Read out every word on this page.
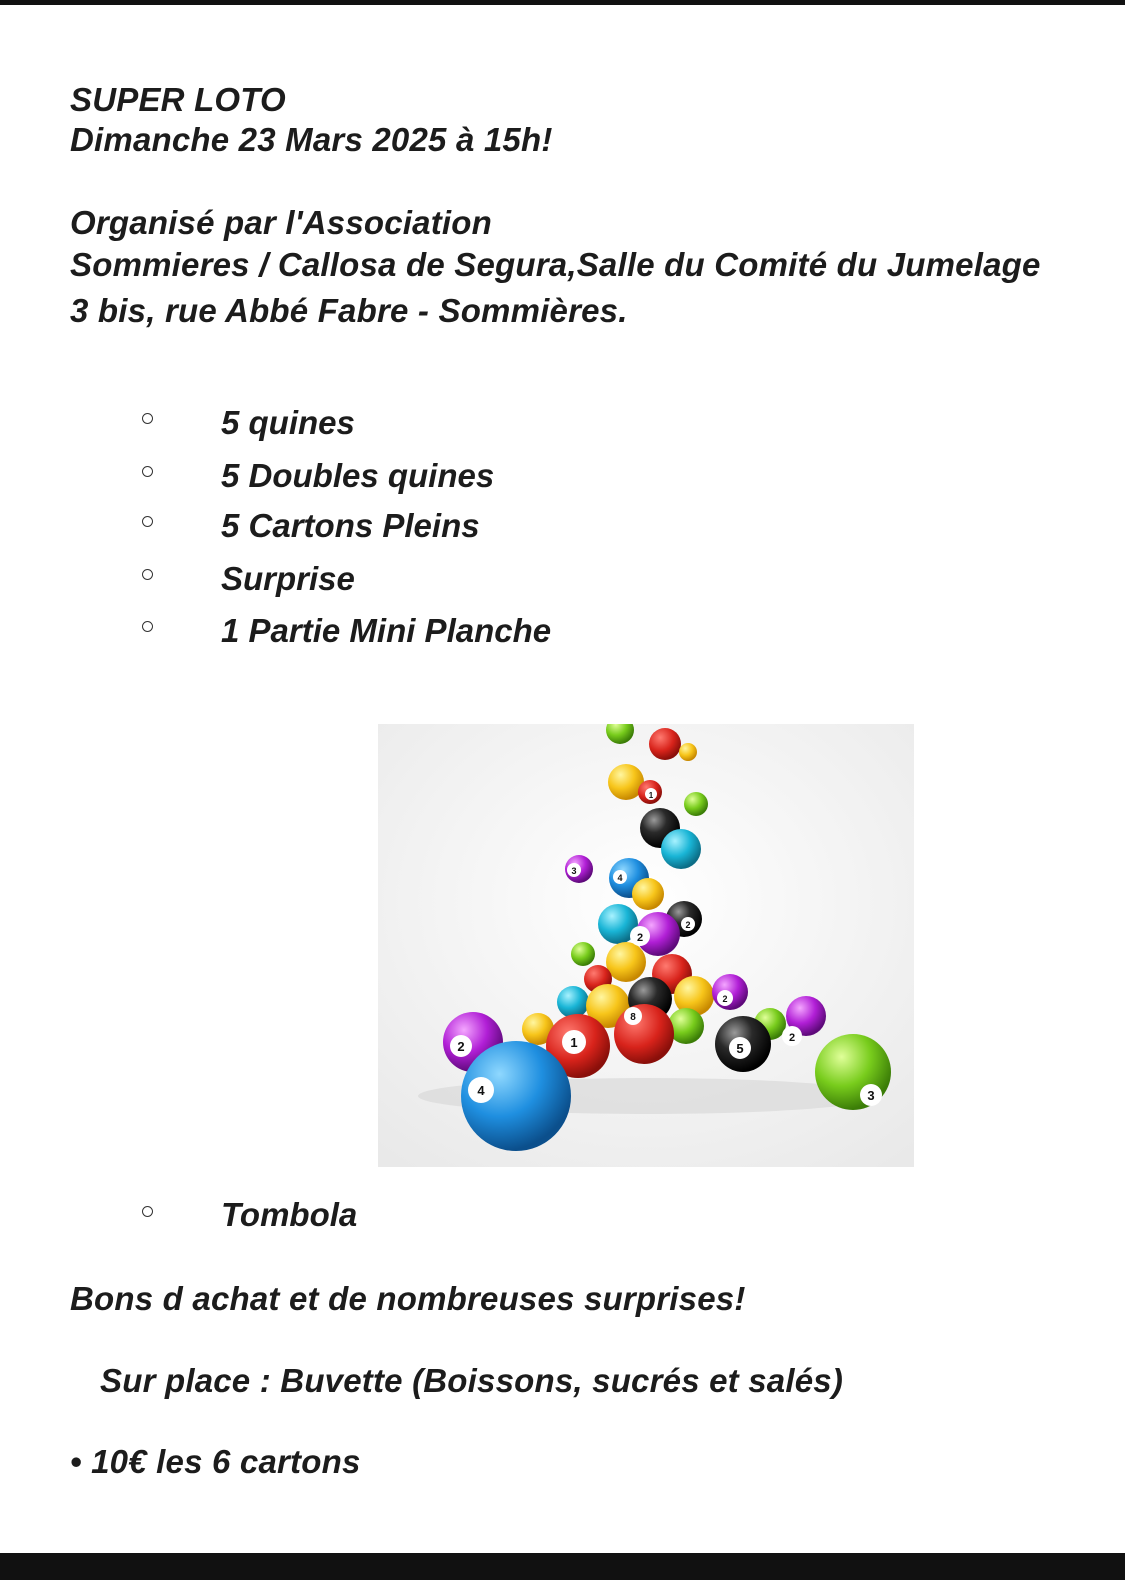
SUPER LOTO
Dimanche 23 Mars 2025 à 15h!
Organisé par l'Association
Sommieres / Callosa de Segura,Salle du Comité du Jumelage
3 bis, rue Abbé Fabre - Sommières.
5 quines
5 Doubles quines
5 Cartons Pleins
Surprise
1 Partie Mini Planche
2	1
8
5
2
3
4
2
2
3
4
1
2
Tombola
Bons d achat et de nombreuses surprises!
Sur place : Buvette (Boissons, sucrés et salés)
• 10€ les 6 cartons
